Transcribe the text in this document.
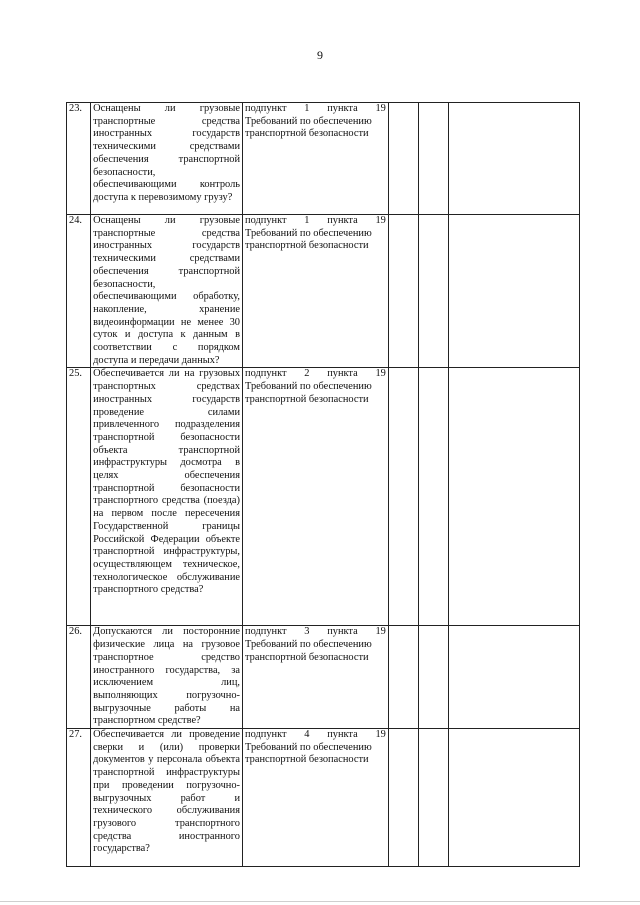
9
23.	Оснащены ли грузовые транспортные средства иностранных государств техническими средствами обеспечения транспортной безопасности, обеспечивающими контроль доступа к перевозимому грузу?	подпункт 1 пункта 19
Требований по обеспечению транспортной безопасности			
24.	Оснащены ли грузовые транспортные средства иностранных государств техническими средствами обеспечения транспортной безопасности, обеспечивающими обработку, накопление, хранение видеоинформации не менее 30 суток и доступа к данным в соответствии с порядком доступа и передачи данных?	подпункт 1 пункта 19
Требований по обеспечению транспортной безопасности			
25.	Обеспечивается ли на грузовых транспортных средствах иностранных государств проведение силами привлеченного подразделения транспортной безопасности объекта транспортной инфраструктуры досмотра в целях обеспечения транспортной безопасности транспортного средства (поезда) на первом после пересечения Государственной границы Российской Федерации объекте транспортной инфраструктуры, осуществляющем техническое, технологическое обслуживание транспортного средства?	подпункт 2 пункта 19
Требований по обеспечению транспортной безопасности			
26.	Допускаются ли посторонние физические лица на грузовое транспортное средство иностранного государства, за исключением лиц, выполняющих погрузочно-выгрузочные работы на транспортном средстве?	подпункт 3 пункта 19
Требований по обеспечению транспортной безопасности			
27.	Обеспечивается ли проведение сверки и (или) проверки документов у персонала объекта транспортной инфраструктуры при проведении погрузочно-выгрузочных работ и технического обслуживания грузового транспортного средства иностранного государства?	подпункт 4 пункта 19
Требований по обеспечению транспортной безопасности			
